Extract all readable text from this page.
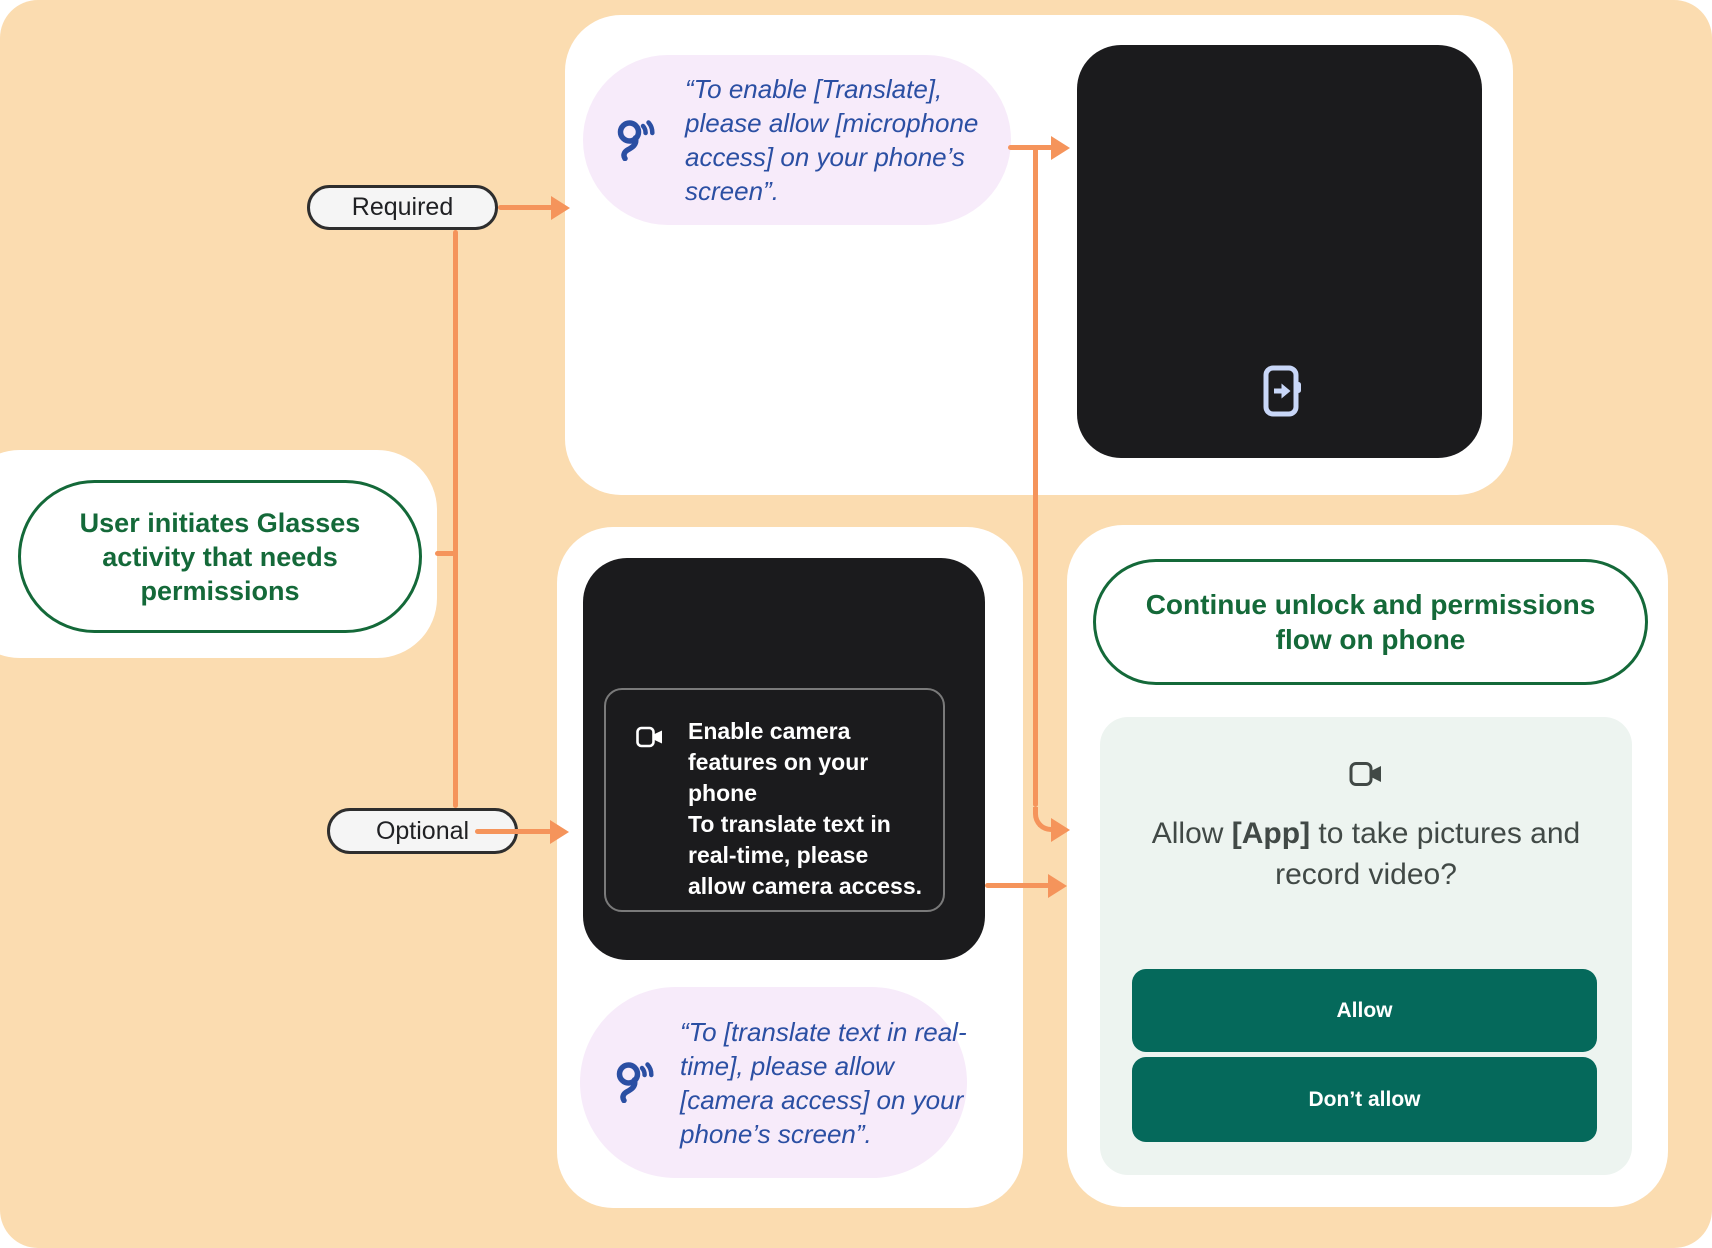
“To enable [Translate], please allow [microphone access] on your phone’s screen”.
Enable camera features on your phone
To translate text in real-time, please allow camera access.
“To [translate text in real-time], please allow [camera access] on your phone’s screen”.
Continue unlock and permissions flow on phone
Allow [App] to take pictures and record video?
Allow
Don’t allow
User initiates Glasses activity that needs permissions
Required
Optional
